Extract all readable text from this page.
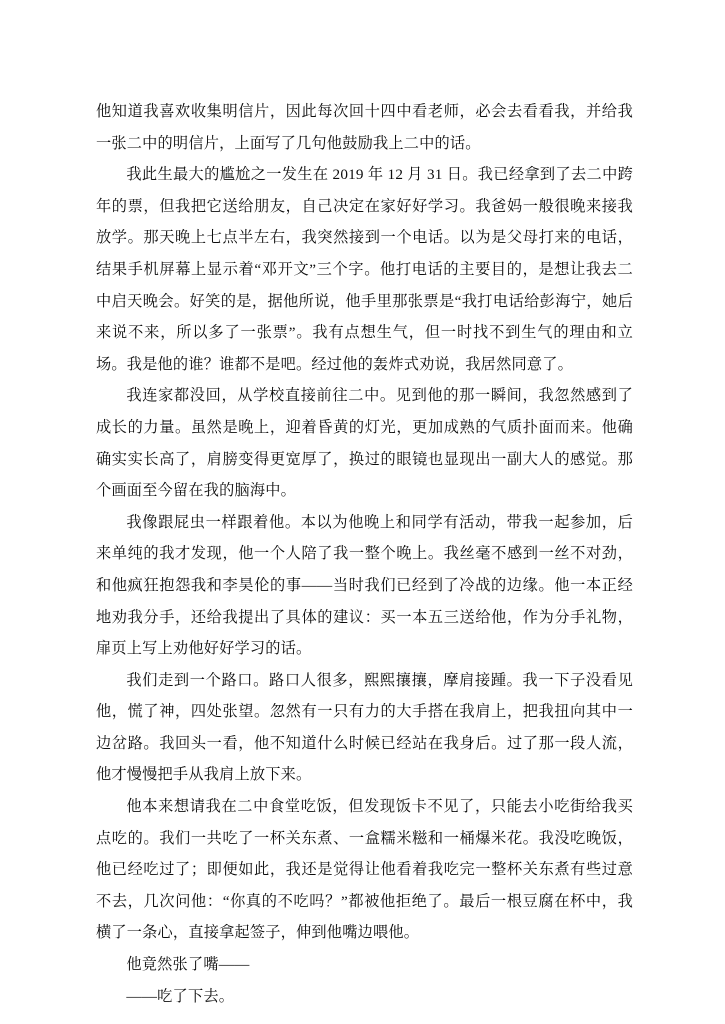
他知道我喜欢收集明信片，因此每次回十四中看老师，必会去看看我，并给我一张二中的明信片，上面写了几句他鼓励我上二中的话。

我此生最大的尴尬之一发生在 2019 年 12 月 31 日。我已经拿到了去二中跨年的票，但我把它送给朋友，自己决定在家好好学习。我爸妈一般很晚来接我放学。那天晚上七点半左右，我突然接到一个电话。以为是父母打来的电话，结果手机屏幕上显示着“邓开文”三个字。他打电话的主要目的，是想让我去二中启天晚会。好笑的是，据他所说，他手里那张票是“我打电话给彭海宁，她后来说不来，所以多了一张票”。我有点想生气，但一时找不到生气的理由和立场。我是他的谁？谁都不是吧。经过他的轰炸式劝说，我居然同意了。

我连家都没回，从学校直接前往二中。见到他的那一瞬间，我忽然感到了成长的力量。虽然是晚上，迎着昏黄的灯光，更加成熟的气质扑面而来。他确确实实长高了，肩膀变得更宽厚了，换过的眼镜也显现出一副大人的感觉。那个画面至今留在我的脑海中。

我像跟屁虫一样跟着他。本以为他晚上和同学有活动，带我一起参加，后来单纯的我才发现，他一个人陪了我一整个晚上。我丝毫不感到一丝不对劲，和他疯狂抱怨我和李昊伦的事——当时我们已经到了冷战的边缘。他一本正经地劝我分手，还给我提出了具体的建议：买一本五三送给他，作为分手礼物，扉页上写上劝他好好学习的话。

我们走到一个路口。路口人很多，熙熙攘攘，摩肩接踵。我一下子没看见他，慌了神，四处张望。忽然有一只有力的大手搭在我肩上，把我扭向其中一边岔路。我回头一看，他不知道什么时候已经站在我身后。过了那一段人流，他才慢慢把手从我肩上放下来。

他本来想请我在二中食堂吃饭，但发现饭卡不见了，只能去小吃街给我买点吃的。我们一共吃了一杯关东煮、一盒糯米糍和一桶爆米花。我没吃晚饭，他已经吃过了；即便如此，我还是觉得让他看着我吃完一整杯关东煮有些过意不去，几次问他：“你真的不吃吗？”都被他拒绝了。最后一根豆腐在杯中，我横了一条心，直接拿起签子，伸到他嘴边喂他。

他竟然张了嘴——

——吃了下去。
